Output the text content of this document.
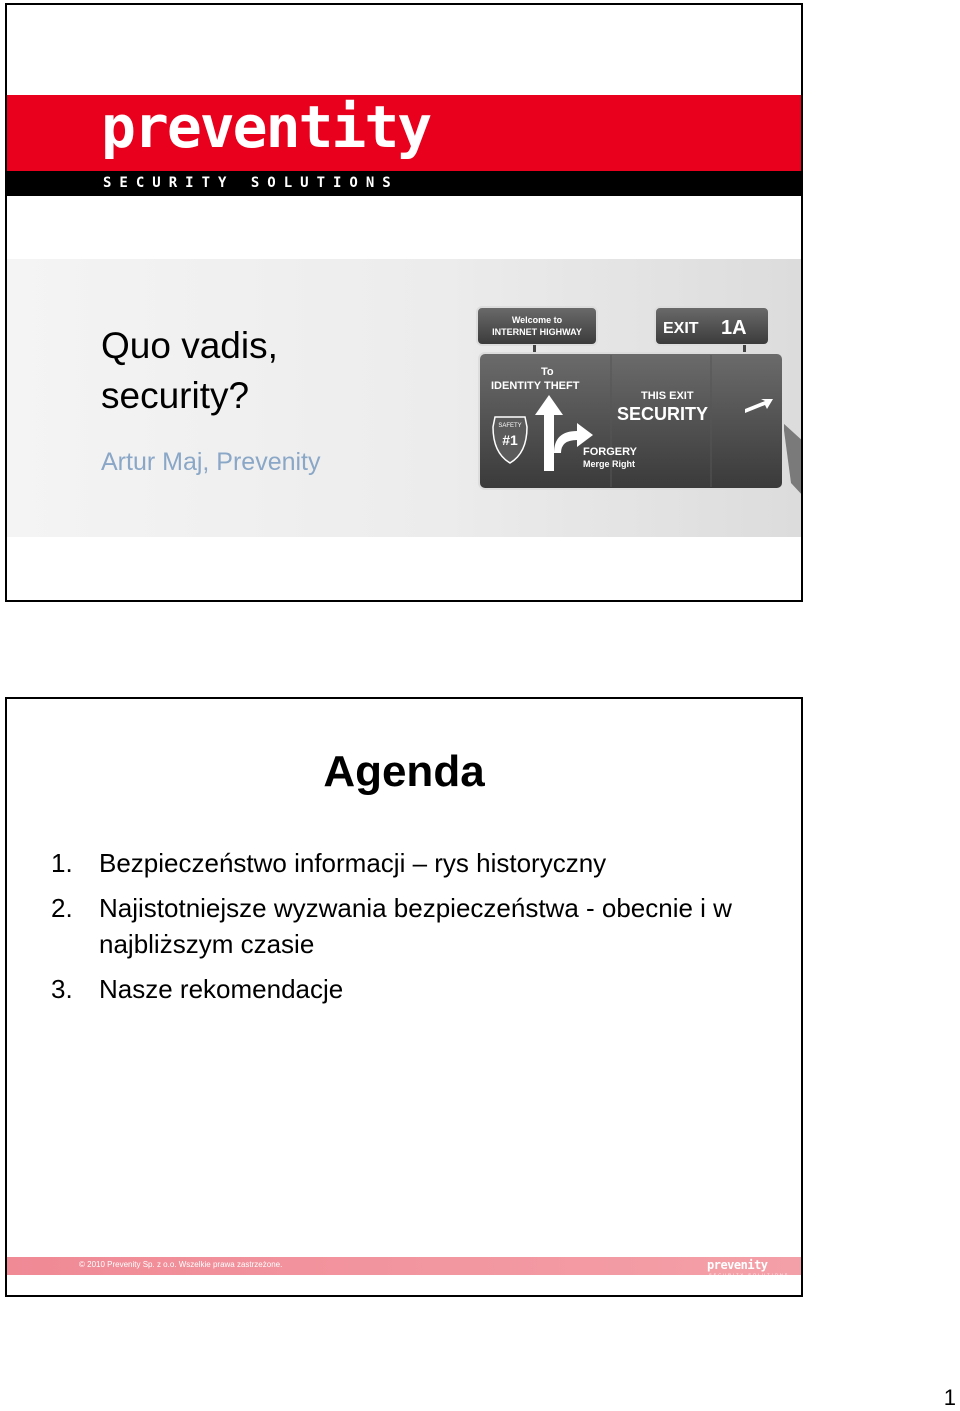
preventity
SECURITY SOLUTIONS
Quo vadis, security?
Artur Maj, Prevenity
Welcome to
INTERNET HIGHWAY	EXIT 1A
To
IDENTITY THEFT
THIS EXIT
SECURITY
SAFETY
#1
FORGERY
Merge Right
Agenda
1.	Bezpieczeństwo informacji – rys historyczny
2.	Najistotniejsze wyzwania bezpieczeństwa - obecnie i w najbliższym czasie
3.	Nasze rekomendacje
© 2010 Prevenity Sp. z o.o. Wszelkie prawa zastrzeżone.	prevenity
SECURITY SOLUTIONS
1
